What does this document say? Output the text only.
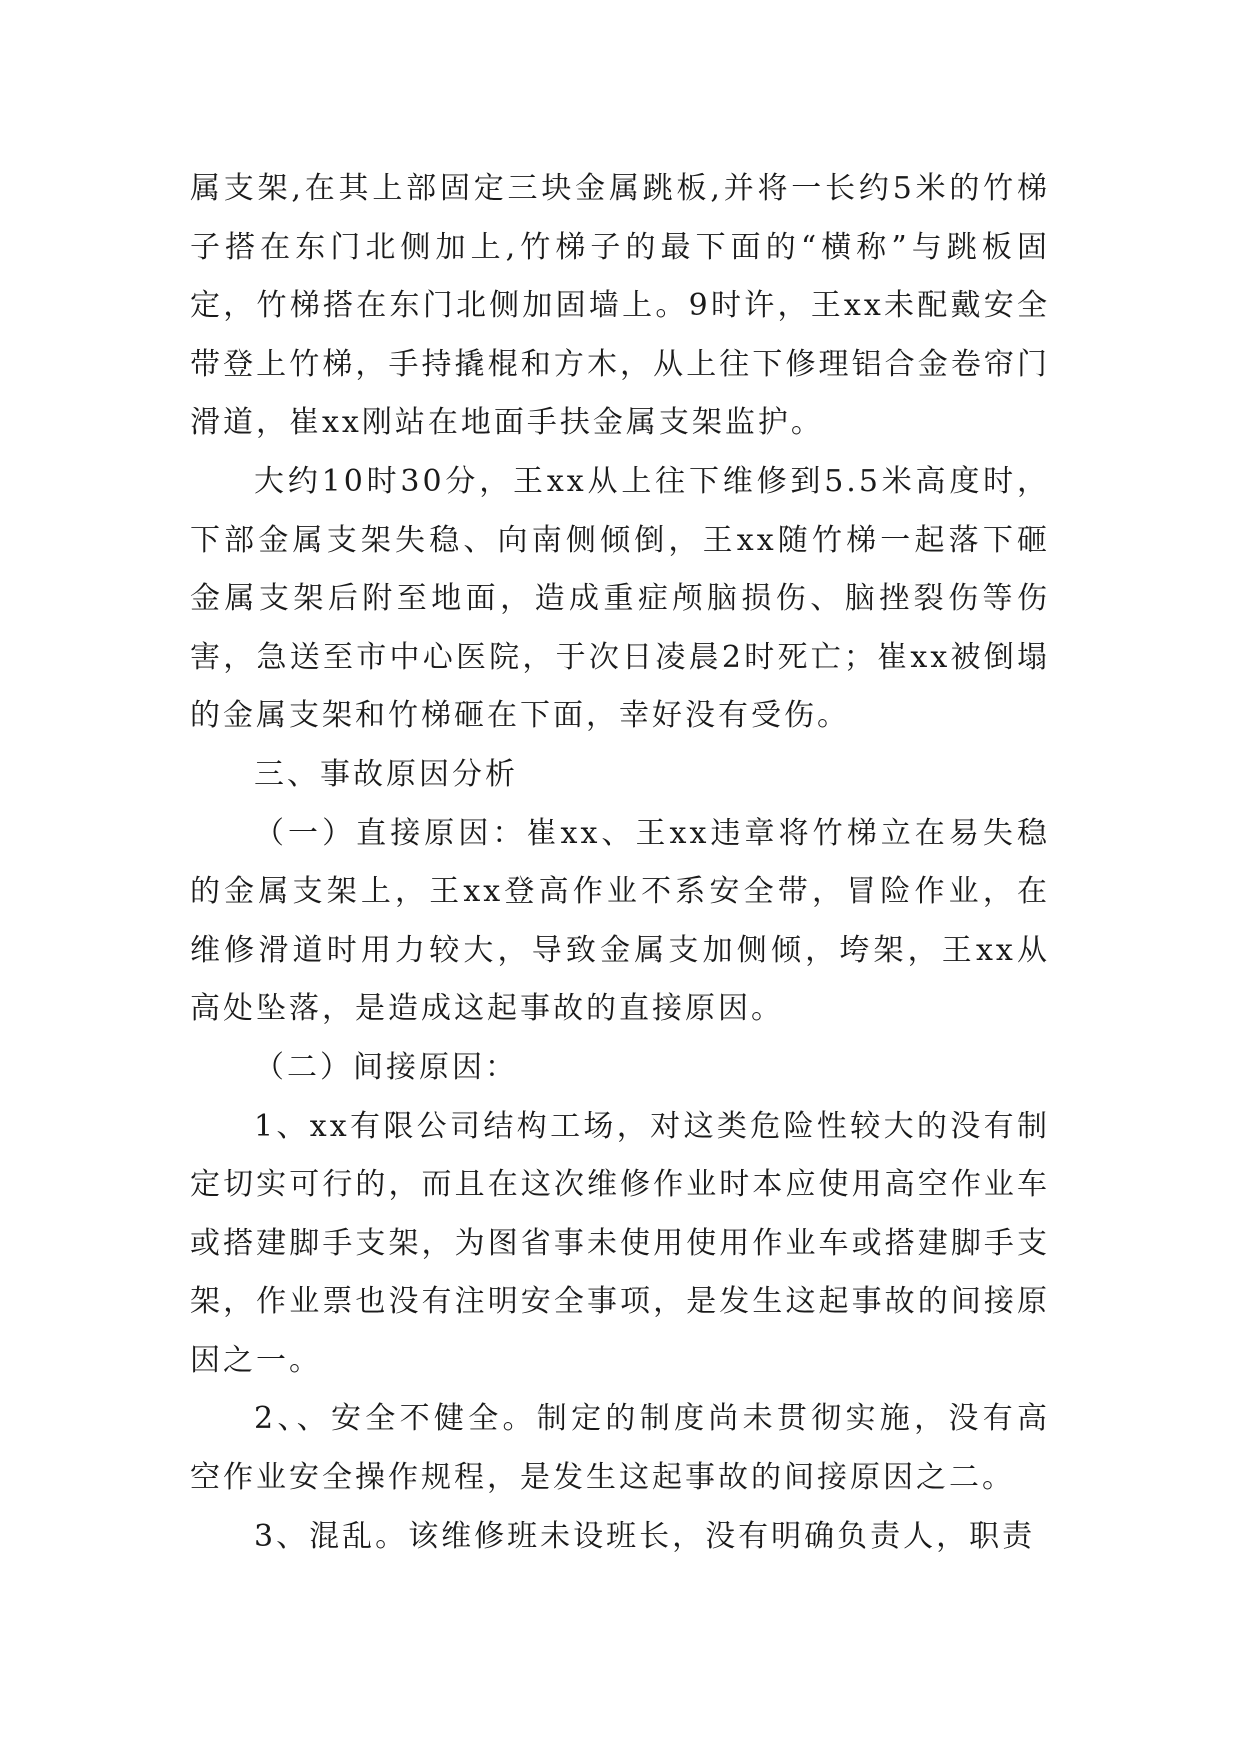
属支架,在其上部固定三块金属跳板,并将一长约5米的竹梯子搭在东门北侧加上,竹梯子的最下面的“横称”与跳板固定，竹梯搭在东门北侧加固墙上。9时许，王xx未配戴安全带登上竹梯，手持撬棍和方木，从上往下修理铝合金卷帘门滑道，崔xx刚站在地面手扶金属支架监护。

大约10时30分，王xx从上往下维修到5.5米高度时，下部金属支架失稳、向南侧倾倒，王xx随竹梯一起落下砸金属支架后附至地面，造成重症颅脑损伤、脑挫裂伤等伤害，急送至市中心医院，于次日凌晨2时死亡；崔xx被倒塌的金属支架和竹梯砸在下面，幸好没有受伤。

三、事故原因分析

（一）直接原因：崔xx、王xx违章将竹梯立在易失稳的金属支架上，王xx登高作业不系安全带，冒险作业，在维修滑道时用力较大，导致金属支加侧倾，垮架，王xx从高处坠落，是造成这起事故的直接原因。

（二）间接原因：

1、xx有限公司结构工场，对这类危险性较大的没有制定切实可行的，而且在这次维修作业时本应使用高空作业车或搭建脚手支架，为图省事未使用使用作业车或搭建脚手支架，作业票也没有注明安全事项，是发生这起事故的间接原因之一。

2、、安全不健全。制定的制度尚未贯彻实施，没有高空作业安全操作规程，是发生这起事故的间接原因之二。

3、混乱。该维修班未设班长，没有明确负责人，职责
